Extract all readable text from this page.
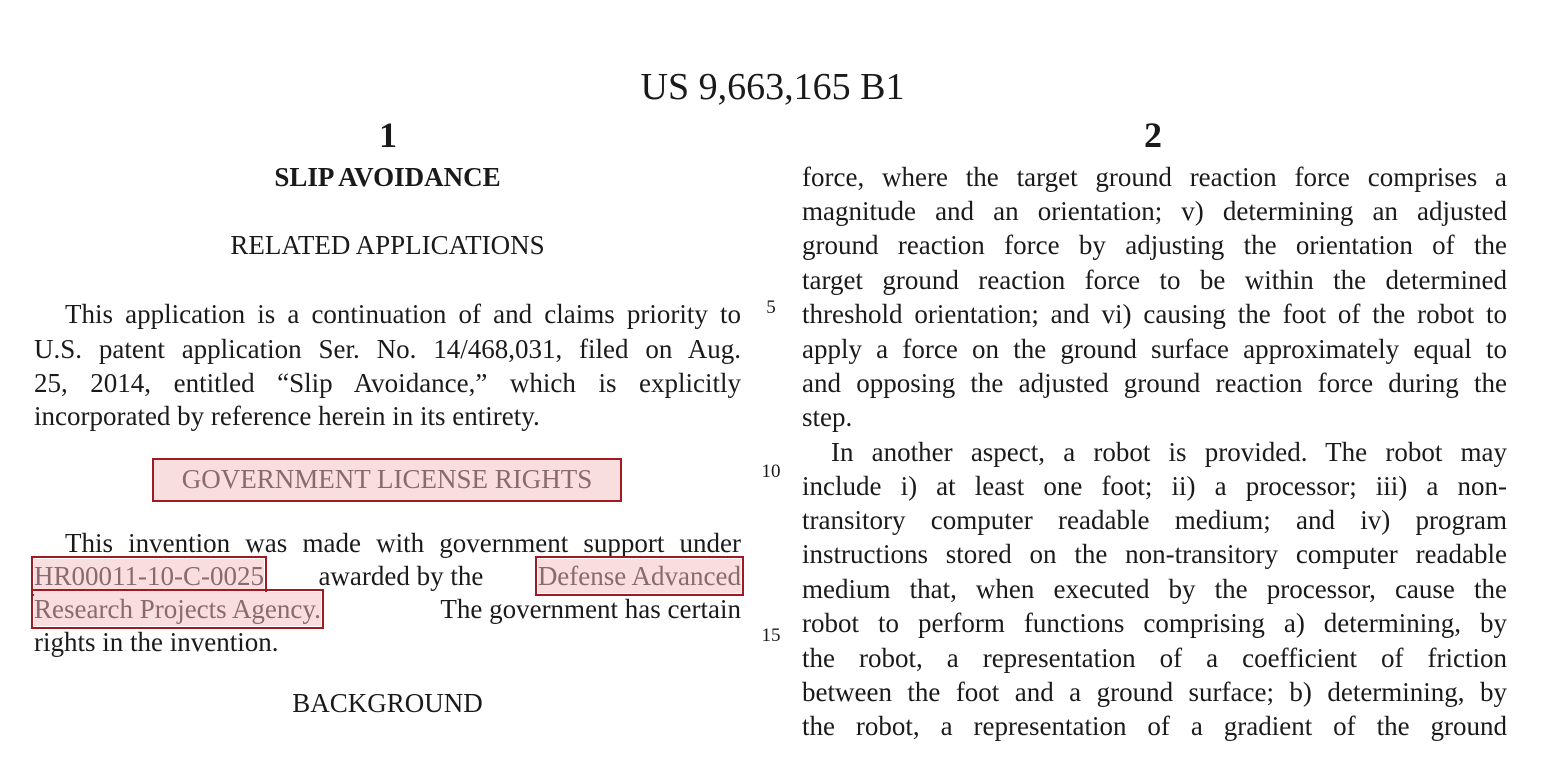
US 9,663,165 B1
1	2
SLIP AVOIDANCE
RELATED APPLICATIONS
This application is a continuation of and claims priority to
U.S. patent application Ser. No. 14/468,031, filed on Aug.
25, 2014, entitled “Slip Avoidance,” which is explicitly
incorporated by reference herein in its entirety.
GOVERNMENT LICENSE RIGHTS
This invention was made with government support under
HR00011-10-C-0025 awarded by the Defense Advanced
Research Projects Agency.	The government has certain
rights in the invention.
BACKGROUND
5
10
15
force, where the target ground reaction force comprises a
magnitude and an orientation; v) determining an adjusted
ground reaction force by adjusting the orientation of the
target ground reaction force to be within the determined
threshold orientation; and vi) causing the foot of the robot to
apply a force on the ground surface approximately equal to
and opposing the adjusted ground reaction force during the
step.
In another aspect, a robot is provided. The robot may
include i) at least one foot; ii) a processor; iii) a non-
transitory computer readable medium; and iv) program
instructions stored on the non-transitory computer readable
medium that, when executed by the processor, cause the
robot to perform functions comprising a) determining, by
the robot, a representation of a coefficient of friction
between the foot and a ground surface; b) determining, by
the robot, a representation of a gradient of the ground
